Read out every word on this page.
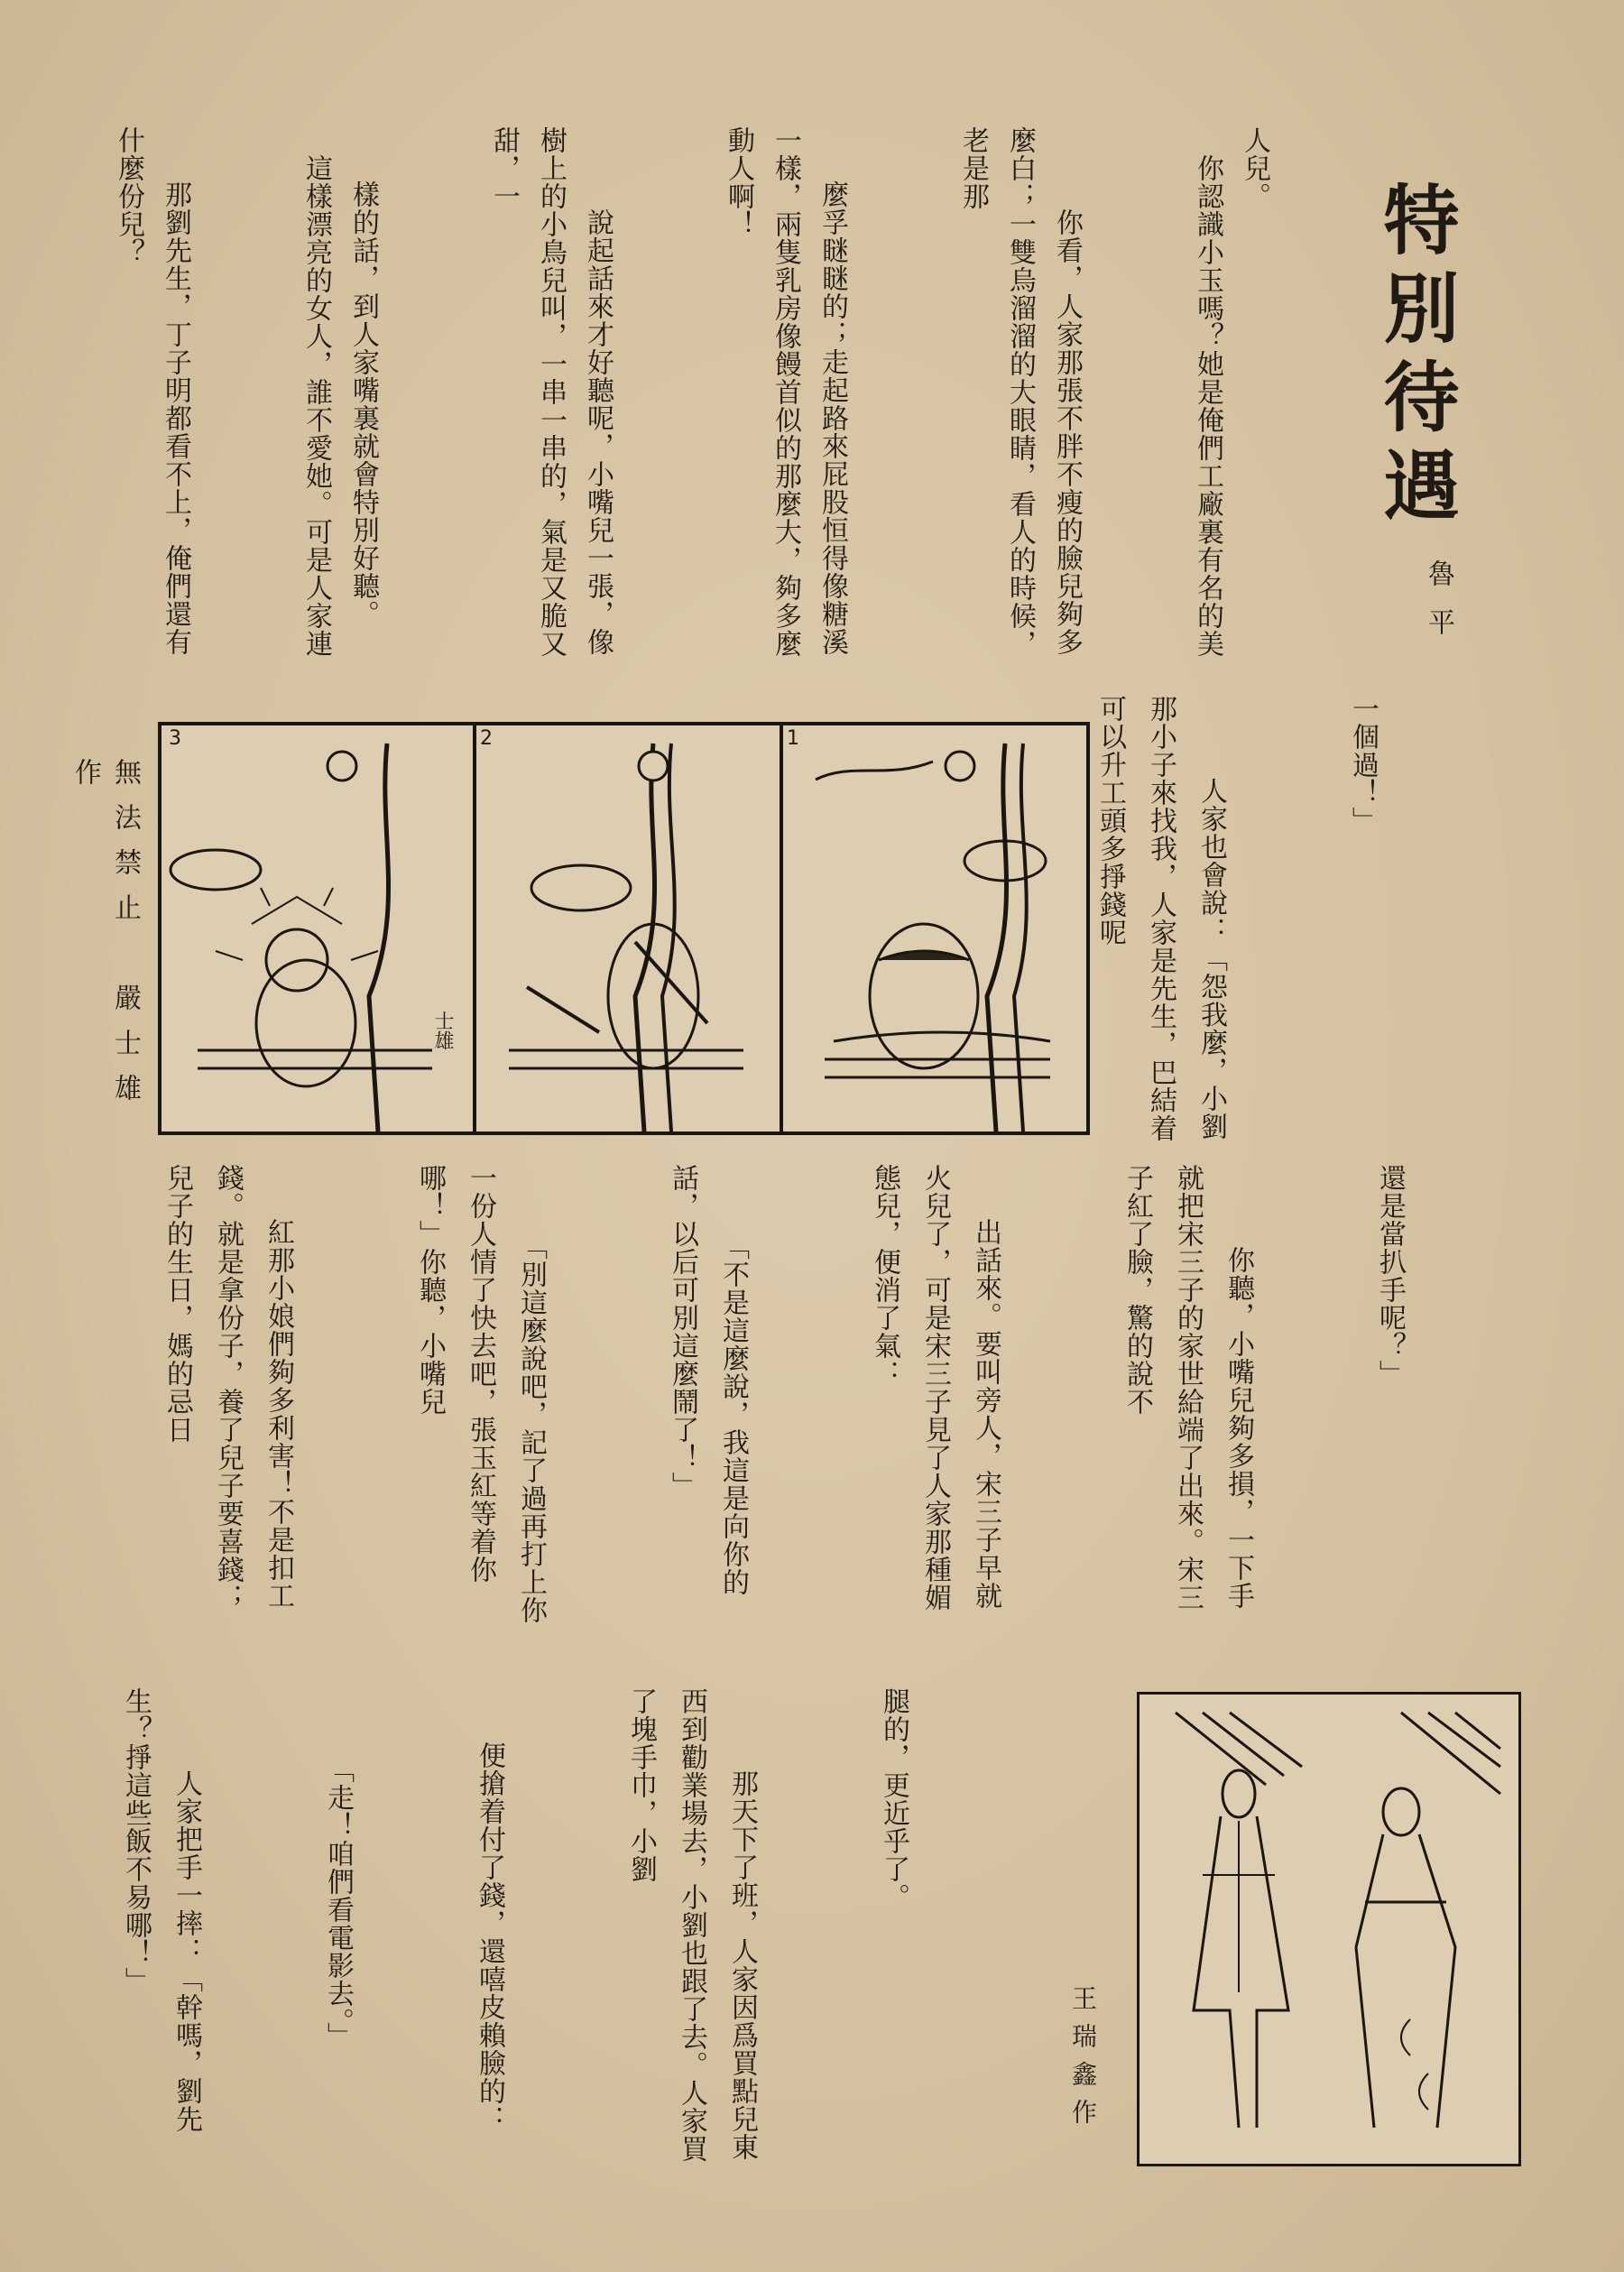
特別待遇
魯平

人兒。
　你認識小玉嗎？她是俺們工廠裏有名的美

　你看，人家那張不胖不瘦的臉兒夠多麼白；一雙烏溜溜的大眼睛，看人的時候，老是那

麼孚瞇瞇的；走起路來屁股恒得像糖溪一樣，兩隻乳房像饅首似的那麼大，夠多麼動人啊！

　說起話來才好聽呢，小嘴兒一張，像樹上的小鳥兒叫，一串一串的，氣是又脆又甜，一

樣的話，到人家嘴裏就會特別好聽。
　這樣漂亮的女人，誰不愛她。可是人家連

那劉先生，丁子明都看不上，俺們還有什麼份兒？

一個過！」

　人家也會說：「怨我麼，小劉那小子來找我，人家是先生，巴結着可以升工頭多掙錢呢

1
2
3
士雄
無法禁止　嚴士雄作

還是當扒手呢？」

　你聽，小嘴兒夠多損，一下手就把宋三子的家世給端了出來。宋三子紅了臉，驚的說不

出話來。要叫旁人，宋三子早就火兒了，可是宋三子見了人家那種媚態兒，便消了氣：

　「不是這麼說，我這是向你的話，以后可別這麼鬧了！」

　「別這麼說吧，記了過再打上你一份人情了快去吧，張玉紅等着你哪！」你聽，小嘴兒

紅那小娘們夠多利害！不是扣工錢。就是拿份子，養了兒子要喜錢；兒子的生日，媽的忌日

王瑞鑫作

腿的，更近乎了。

　那天下了班，人家因爲買點兒東西到勸業場去，小劉也跟了去。人家買了塊手巾，小劉

便搶着付了錢，還嘻皮賴臉的：

　「走！咱們看電影去。」

　人家把手一摔：「幹嗎，劉先生？掙這些飯不易哪！」
